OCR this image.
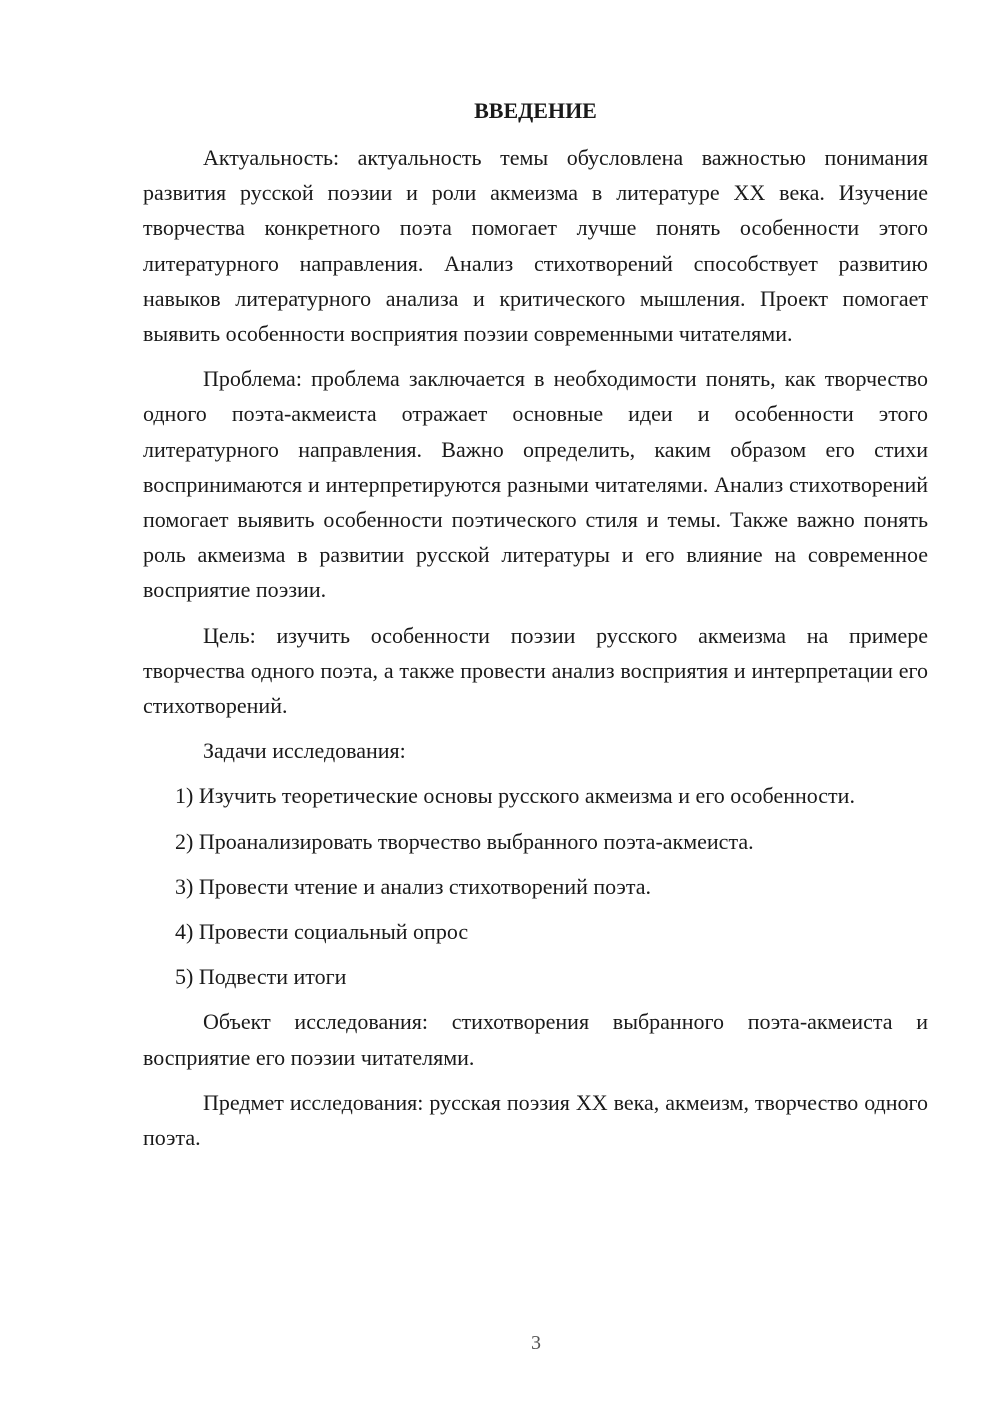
ВВЕДЕНИЕ

Актуальность: актуальность темы обусловлена важностью понимания развития русской поэзии и роли акмеизма в литературе XX века. Изучение творчества конкретного поэта помогает лучше понять особенности этого литературного направления. Анализ стихотворений способствует развитию навыков литературного анализа и критического мышления. Проект помогает выявить особенности восприятия поэзии современными читателями.

Проблема: проблема заключается в необходимости понять, как творчество одного поэта-акмеиста отражает основные идеи и особенности этого литературного направления. Важно определить, каким образом его стихи воспринимаются и интерпретируются разными читателями. Анализ стихотворений помогает выявить особенности поэтического стиля и темы. Также важно понять роль акмеизма в развитии русской литературы и его влияние на современное восприятие поэзии.

Цель: изучить особенности поэзии русского акмеизма на примере творчества одного поэта, а также провести анализ восприятия и интерпретации его стихотворений.

Задачи исследования:

1) Изучить теоретические основы русского акмеизма и его особенности.

2) Проанализировать творчество выбранного поэта-акмеиста.

3) Провести чтение и анализ стихотворений поэта.

4) Провести социальный опрос

5) Подвести итоги

Объект исследования: стихотворения выбранного поэта-акмеиста и восприятие его поэзии читателями.

Предмет исследования: русская поэзия XX века, акмеизм, творчество одного поэта.

3
